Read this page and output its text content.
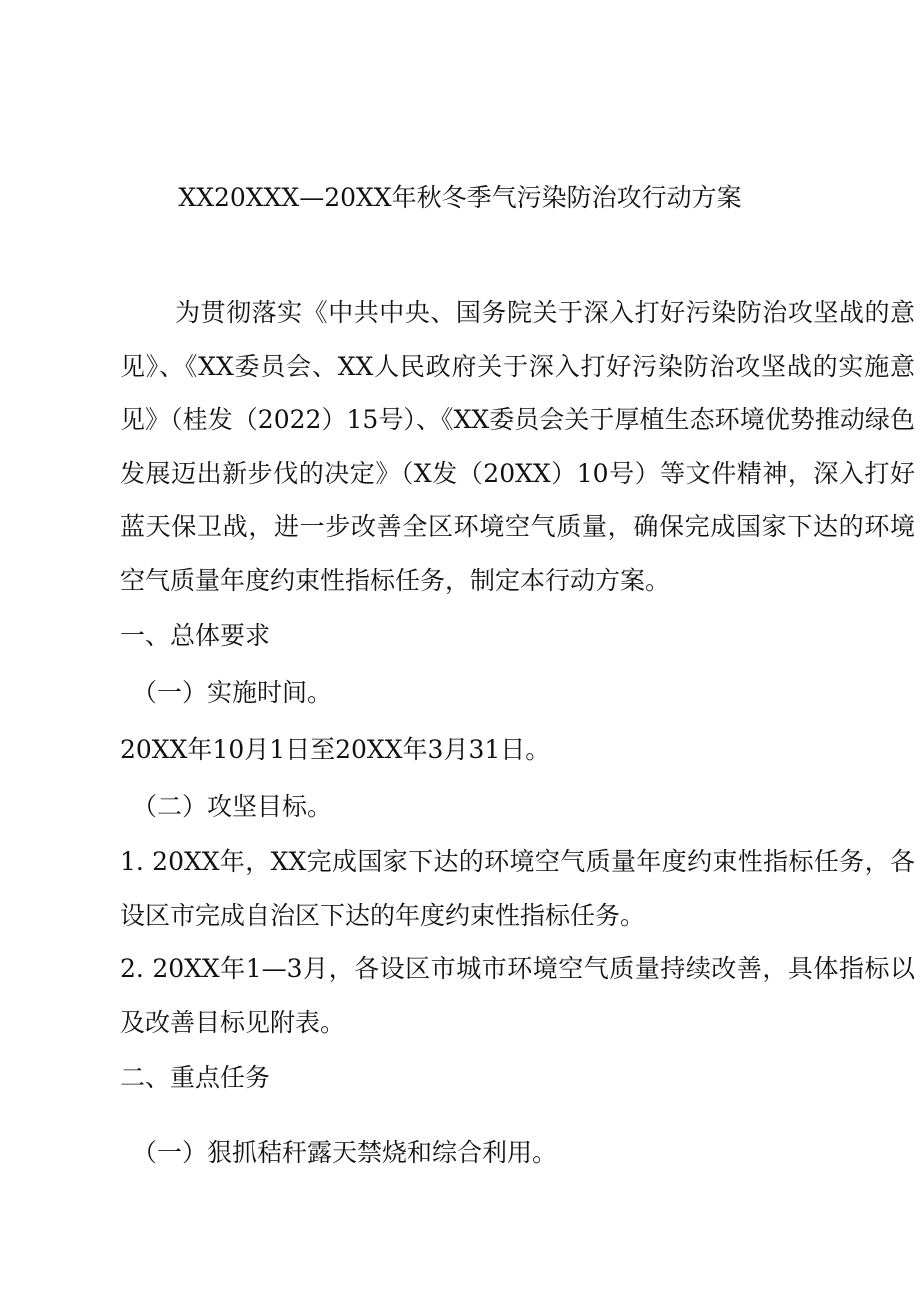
XX20XXX—20XX年秋冬季气污染防治攻行动方案

为贯彻落实《中共中央、国务院关于深入打好污染防治攻坚战的意见》、《XX委员会、XX人民政府关于深入打好污染防治攻坚战的实施意见》（桂发（2022）15号）、《XX委员会关于厚植生态环境优势推动绿色发展迈出新步伐的决定》（X发（20XX）10号）等文件精神，深入打好蓝天保卫战，进一步改善全区环境空气质量，确保完成国家下达的环境空气质量年度约束性指标任务，制定本行动方案。

一、总体要求

（一）实施时间。

20XX年10月1日至20XX年3月31日。

（二）攻坚目标。

1. 20XX年，XX完成国家下达的环境空气质量年度约束性指标任务，各设区市完成自治区下达的年度约束性指标任务。

2. 20XX年1—3月，各设区市城市环境空气质量持续改善，具体指标以及改善目标见附表。

二、重点任务

（一）狠抓秸秆露天禁烧和综合利用。
